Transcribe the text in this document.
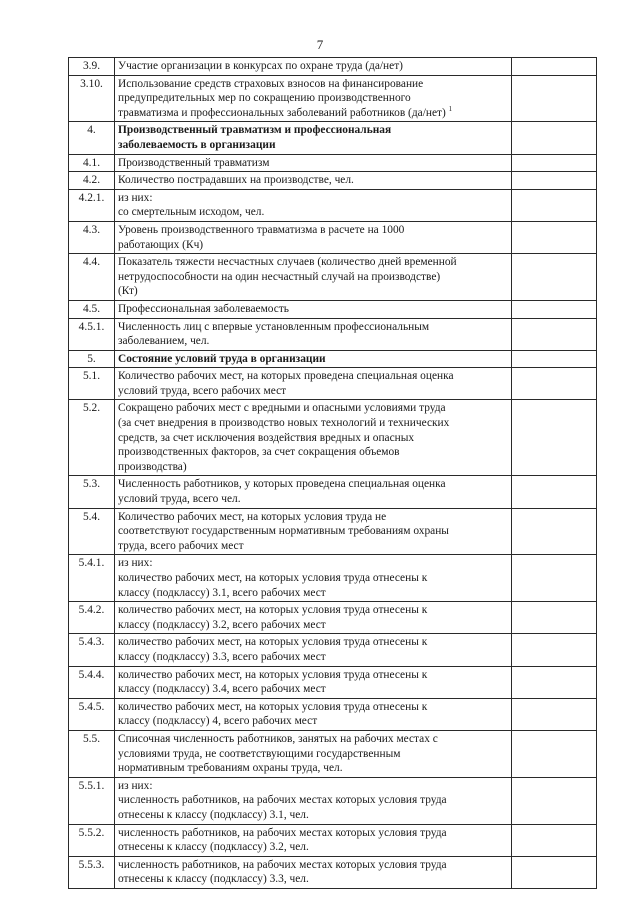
7
3.9.	Участие организации в конкурсах по охране труда (да/нет)	

3.10.	Использование средств страховых взносов на финансирование
предупредительных мер по сокращению производственного
травматизма и профессиональных заболеваний работников (да/нет) $^1$

4.	Производственный травматизм и профессиональная
заболеваемость в организации	

4.1.	Производственный травматизм	

4.2.	Количество пострадавших на производстве, чел.	

4.2.1.	из них:
со смертельным исходом, чел.	

4.3.	Уровень производственного травматизма в расчете на 1000
работающих (Кч)	

4.4.	Показатель тяжести несчастных случаев (количество дней временной
нетрудоспособности на один несчастный случай на производстве)
(Кт)	

4.5.	Профессиональная заболеваемость	

4.5.1.	Численность лиц с впервые установленным профессиональным
заболеванием, чел.	

5.	Состояние условий труда в организации	

5.1.	Количество рабочих мест, на которых проведена специальная оценка
условий труда, всего рабочих мест	

5.2.	Сокращено рабочих мест с вредными и опасными условиями труда
(за счет внедрения в производство новых технологий и технических
средств, за счет исключения воздействия вредных и опасных
производственных факторов, за счет сокращения объемов
производства)	

5.3.	Численность работников, у которых проведена специальная оценка
условий труда, всего чел.	

5.4.	Количество рабочих мест, на которых условия труда не
соответствуют государственным нормативным требованиям охраны
труда, всего рабочих мест	

5.4.1.	из них:
количество рабочих мест, на которых условия труда отнесены к
классу (подклассу) 3.1, всего рабочих мест	

5.4.2.	количество рабочих мест, на которых условия труда отнесены к
классу (подклассу) 3.2, всего рабочих мест	

5.4.3.	количество рабочих мест, на которых условия труда отнесены к
классу (подклассу) 3.3, всего рабочих мест	

5.4.4.	количество рабочих мест, на которых условия труда отнесены к
классу (подклассу) 3.4, всего рабочих мест	

5.4.5.	количество рабочих мест, на которых условия труда отнесены к
классу (подклассу) 4, всего рабочих мест	

5.5.	Списочная численность работников, занятых на рабочих местах с
условиями труда, не соответствующими государственным
нормативным требованиям охраны труда, чел.	

5.5.1.	из них:
численность работников, на рабочих местах которых условия труда
отнесены к классу (подклассу) 3.1, чел.	

5.5.2.	численность работников, на рабочих местах которых условия труда
отнесены к классу (подклассу) 3.2, чел.	

5.5.3.	численность работников, на рабочих местах которых условия труда
отнесены к классу (подклассу) 3.3, чел.	
